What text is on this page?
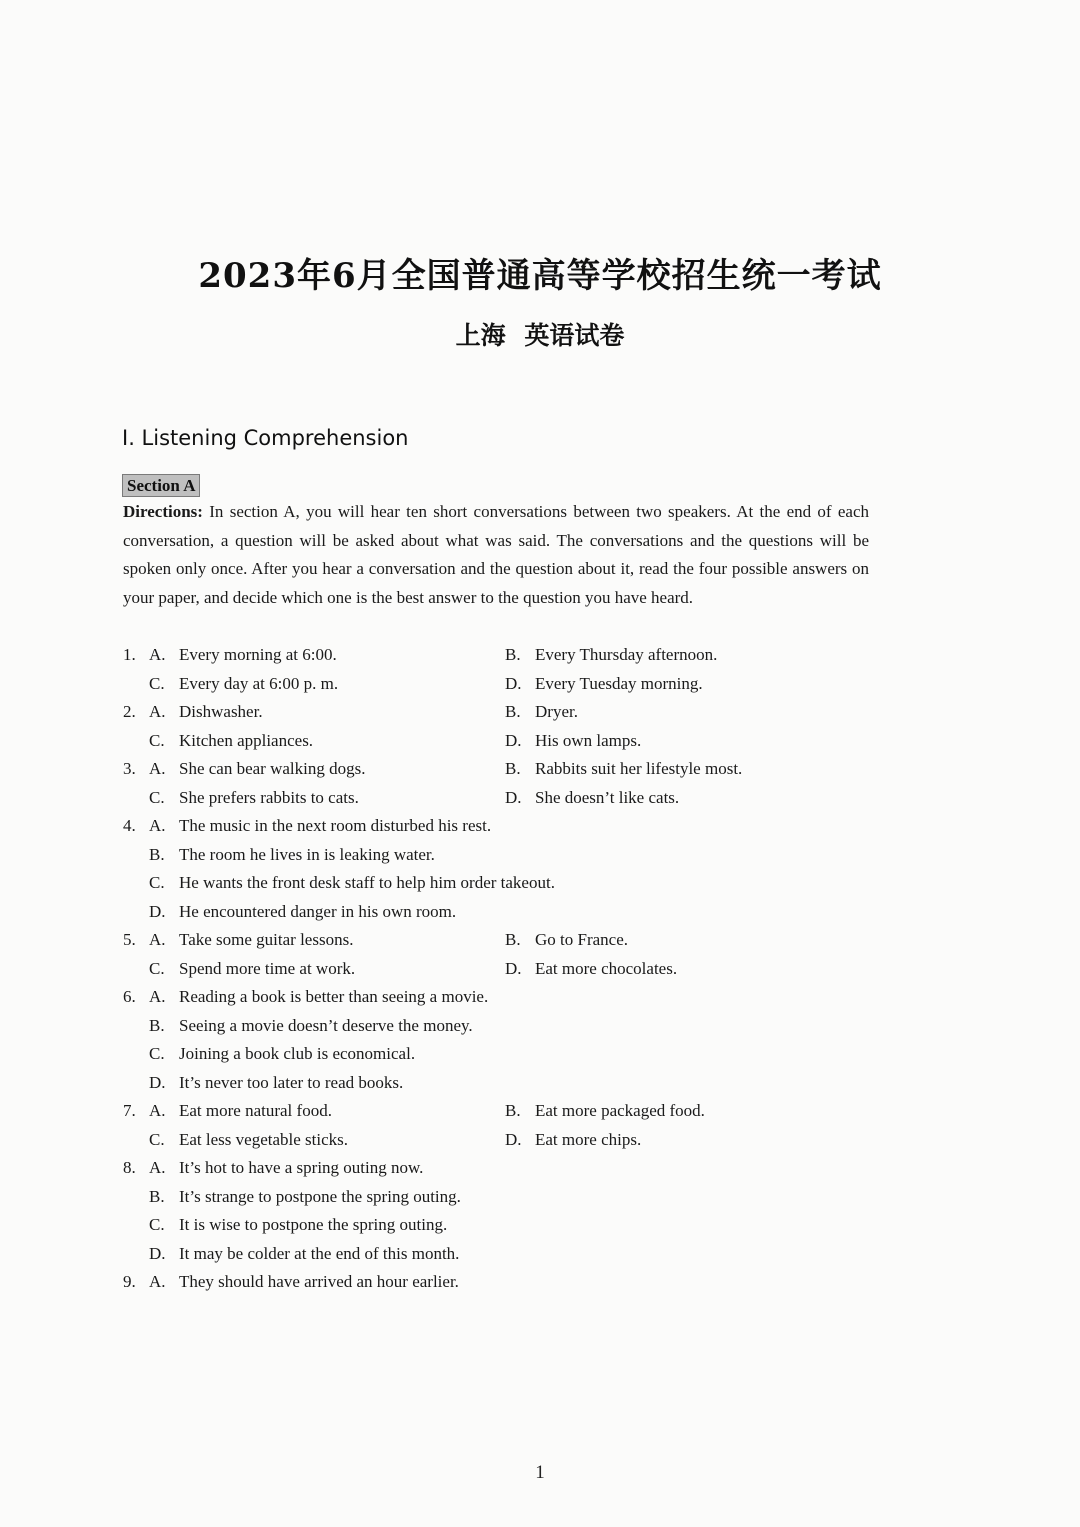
2023年6月全国普通高等学校招生统一考试
上海 英语试卷
I. Listening Comprehension
Section A
Directions: In section A, you will hear ten short conversations between two speakers. At the end of each conversation, a question will be asked about what was said. The conversations and the questions will be spoken only once. After you hear a conversation and the question about it, read the four possible answers on your paper, and decide which one is the best answer to the question you have heard.
1. A. Every morning at 6:00.	B. Every Thursday afternoon.
C. Every day at 6:00 p. m.	D. Every Tuesday morning.
2. A. Dishwasher.	B. Dryer.
C. Kitchen appliances.	D. His own lamps.
3. A. She can bear walking dogs.	B. Rabbits suit her lifestyle most.
C. She prefers rabbits to cats.	D. She doesn’t like cats.
4. A. The music in the next room disturbed his rest.
B. The room he lives in is leaking water.
C. He wants the front desk staff to help him order takeout.
D. He encountered danger in his own room.
5. A. Take some guitar lessons.	B. Go to France.
C. Spend more time at work.	D. Eat more chocolates.
6. A. Reading a book is better than seeing a movie.
B. Seeing a movie doesn’t deserve the money.
C. Joining a book club is economical.
D. It’s never too later to read books.
7. A. Eat more natural food.	B. Eat more packaged food.
C. Eat less vegetable sticks.	D. Eat more chips.
8. A. It’s hot to have a spring outing now.
B. It’s strange to postpone the spring outing.
C. It is wise to postpone the spring outing.
D. It may be colder at the end of this month.
9. A. They should have arrived an hour earlier.
1
